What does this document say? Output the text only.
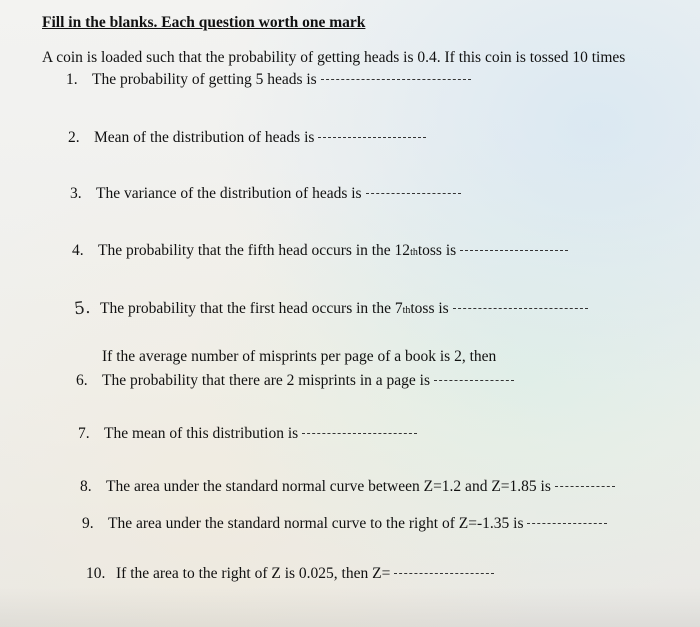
Fill in the blanks. Each question worth one mark
A coin is loaded such that the probability of getting heads is 0.4. If this coin is tossed 10 times
1. The probability of getting 5 heads is
2. Mean of the distribution of heads is
3. The variance of the distribution of heads is
4. The probability that the fifth head occurs in the 12 th toss is
5. The probability that the first head occurs in the 7 th toss is
If the average number of misprints per page of a book is 2, then
6. The probability that there are 2 misprints in a page is
7. The mean of this distribution is
8. The area under the standard normal curve between Z=1.2 and Z=1.85 is
9. The area under the standard normal curve to the right of Z=-1.35 is
10. If the area to the right of Z is 0.025, then Z=
